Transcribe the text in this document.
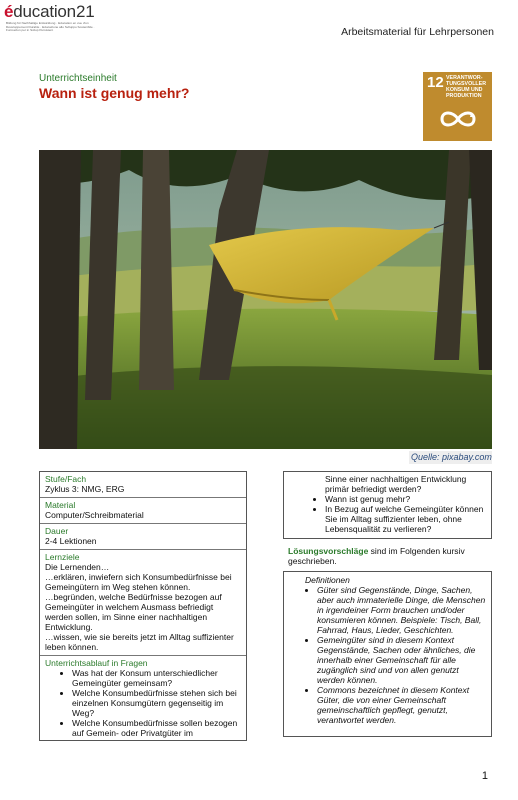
éducation21
Bildung für Nachhaltige Entwicklung · Education en vue d'un Développement Durable · Educazione allo Sviluppo Sostenibile · Furmaziun per in Svilup Persistent	Arbeitsmaterial für Lehrpersonen
Unterrichtseinheit
Wann ist genug mehr?
12 VERANTWOR-TUNGSVOLLER KONSUM UND PRODUKTION
Quelle: pixabay.com
Stufe/Fach

Zyklus 3: NMG, ERG

Material

Computer/Schreibmaterial

Dauer

2-4 Lektionen

Lernziele

Die Lernenden…

…erklären, inwiefern sich Konsumbedürfnisse bei Gemeingütern im Weg stehen können.

…begründen, welche Bedürfnisse bezogen auf Gemeingüter in welchem Ausmass befriedigt werden sollen, im Sinne einer nachhaltigen Entwicklung.

…wissen, wie sie bereits jetzt im Alltag suffizienter leben können.

Unterrichtsablauf in Fragen
• Was hat der Konsum unterschiedlicher Gemeingüter gemeinsam?
• Welche Konsumbedürfnisse stehen sich bei einzelnen Konsumgütern gegenseitig im Weg?
• Welche Konsumbedürfnisse sollen bezogen auf Gemein- oder Privatgüter im
Sinne einer nachhaltigen Entwicklung primär befriedigt werden?
• Wann ist genug mehr?
• In Bezug auf welche Gemeingüter können Sie im Alltag suffizienter leben, ohne Lebensqualität zu verlieren?
Lösungsvorschläge sind im Folgenden kursiv geschrieben.
Definitionen
• Güter sind Gegenstände, Dinge, Sachen, aber auch immaterielle Dinge, die Menschen in irgendeiner Form brauchen und/oder konsumieren können. Beispiele: Tisch, Ball, Fahrrad, Haus, Lieder, Geschichten.
• Gemeingüter sind in diesem Kontext Gegenstände, Sachen oder ähnliches, die innerhalb einer Gemeinschaft für alle zugänglich sind und von allen genutzt werden können.
• Commons bezeichnet in diesem Kontext Güter, die von einer Gemeinschaft gemeinschaftlich gepflegt, genutzt, verantwortet werden.
1
